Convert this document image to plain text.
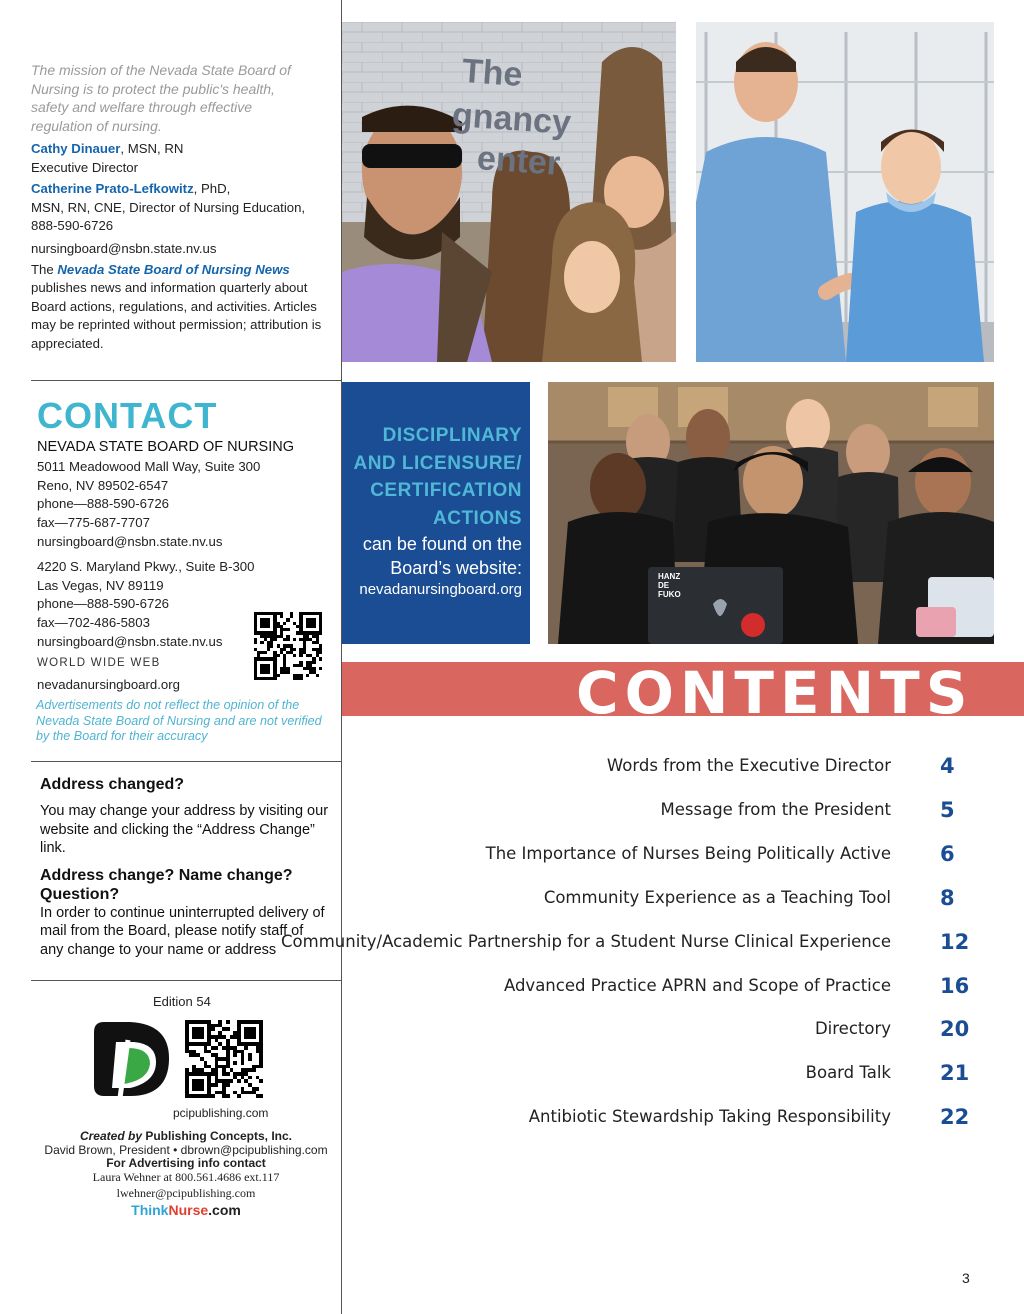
The mission of the Nevada State Board of Nursing is to protect the public's health, safety and welfare through effective regulation of nursing.
Cathy Dinauer, MSN, RN
Executive Director
Catherine Prato-Lefkowitz, PhD,
MSN, RN, CNE, Director of Nursing Education,
888-590-6726
nursingboard@nsbn.state.nv.us
The Nevada State Board of Nursing News publishes news and information quarterly about Board actions, regulations, and activities. Articles may be reprinted without permission; attribution is appreciated.
CONTACT
NEVADA STATE BOARD OF NURSING
5011 Meadowood Mall Way, Suite 300
Reno, NV 89502-6547
phone—888-590-6726
fax—775-687-7707
nursingboard@nsbn.state.nv.us
4220 S. Maryland Pkwy., Suite B-300
Las Vegas, NV 89119
phone—888-590-6726
fax—702-486-5803
nursingboard@nsbn.state.nv.us
WORLD WIDE WEB
nevadanursingboard.org
Advertisements do not reflect the opinion of the Nevada State Board of Nursing and are not verified by the Board for their accuracy
Address changed?
You may change your address by visiting our website and clicking the “Address Change” link.
Address change? Name change? Question?
In order to continue uninterrupted delivery of mail from the Board, please notify staff of any change to your name or address
Edition 54
pcipublishing.com
Created by Publishing Concepts, Inc.
David Brown, President • dbrown@pcipublishing.com
For Advertising info contact
Laura Wehner at 800.561.4686 ext.117
lwehner@pcipublishing.com
ThinkNurse.com
The
gnancy
enter
DISCIPLINARY
AND LICENSURE/
CERTIFICATION
ACTIONS
can be found on the
Board’s website:
nevadanursingboard.org
HANZ
DE
FUKO
CONTENTS
Words from the Executive Director 4
Message from the President 5
The Importance of Nurses Being Politically Active 6
Community Experience as a Teaching Tool 8
Community/Academic Partnership for a Student Nurse Clinical Experience 12
Advanced Practice APRN and Scope of Practice 16
Directory 20
Board Talk 21
Antibiotic Stewardship Taking Responsibility 22
3
